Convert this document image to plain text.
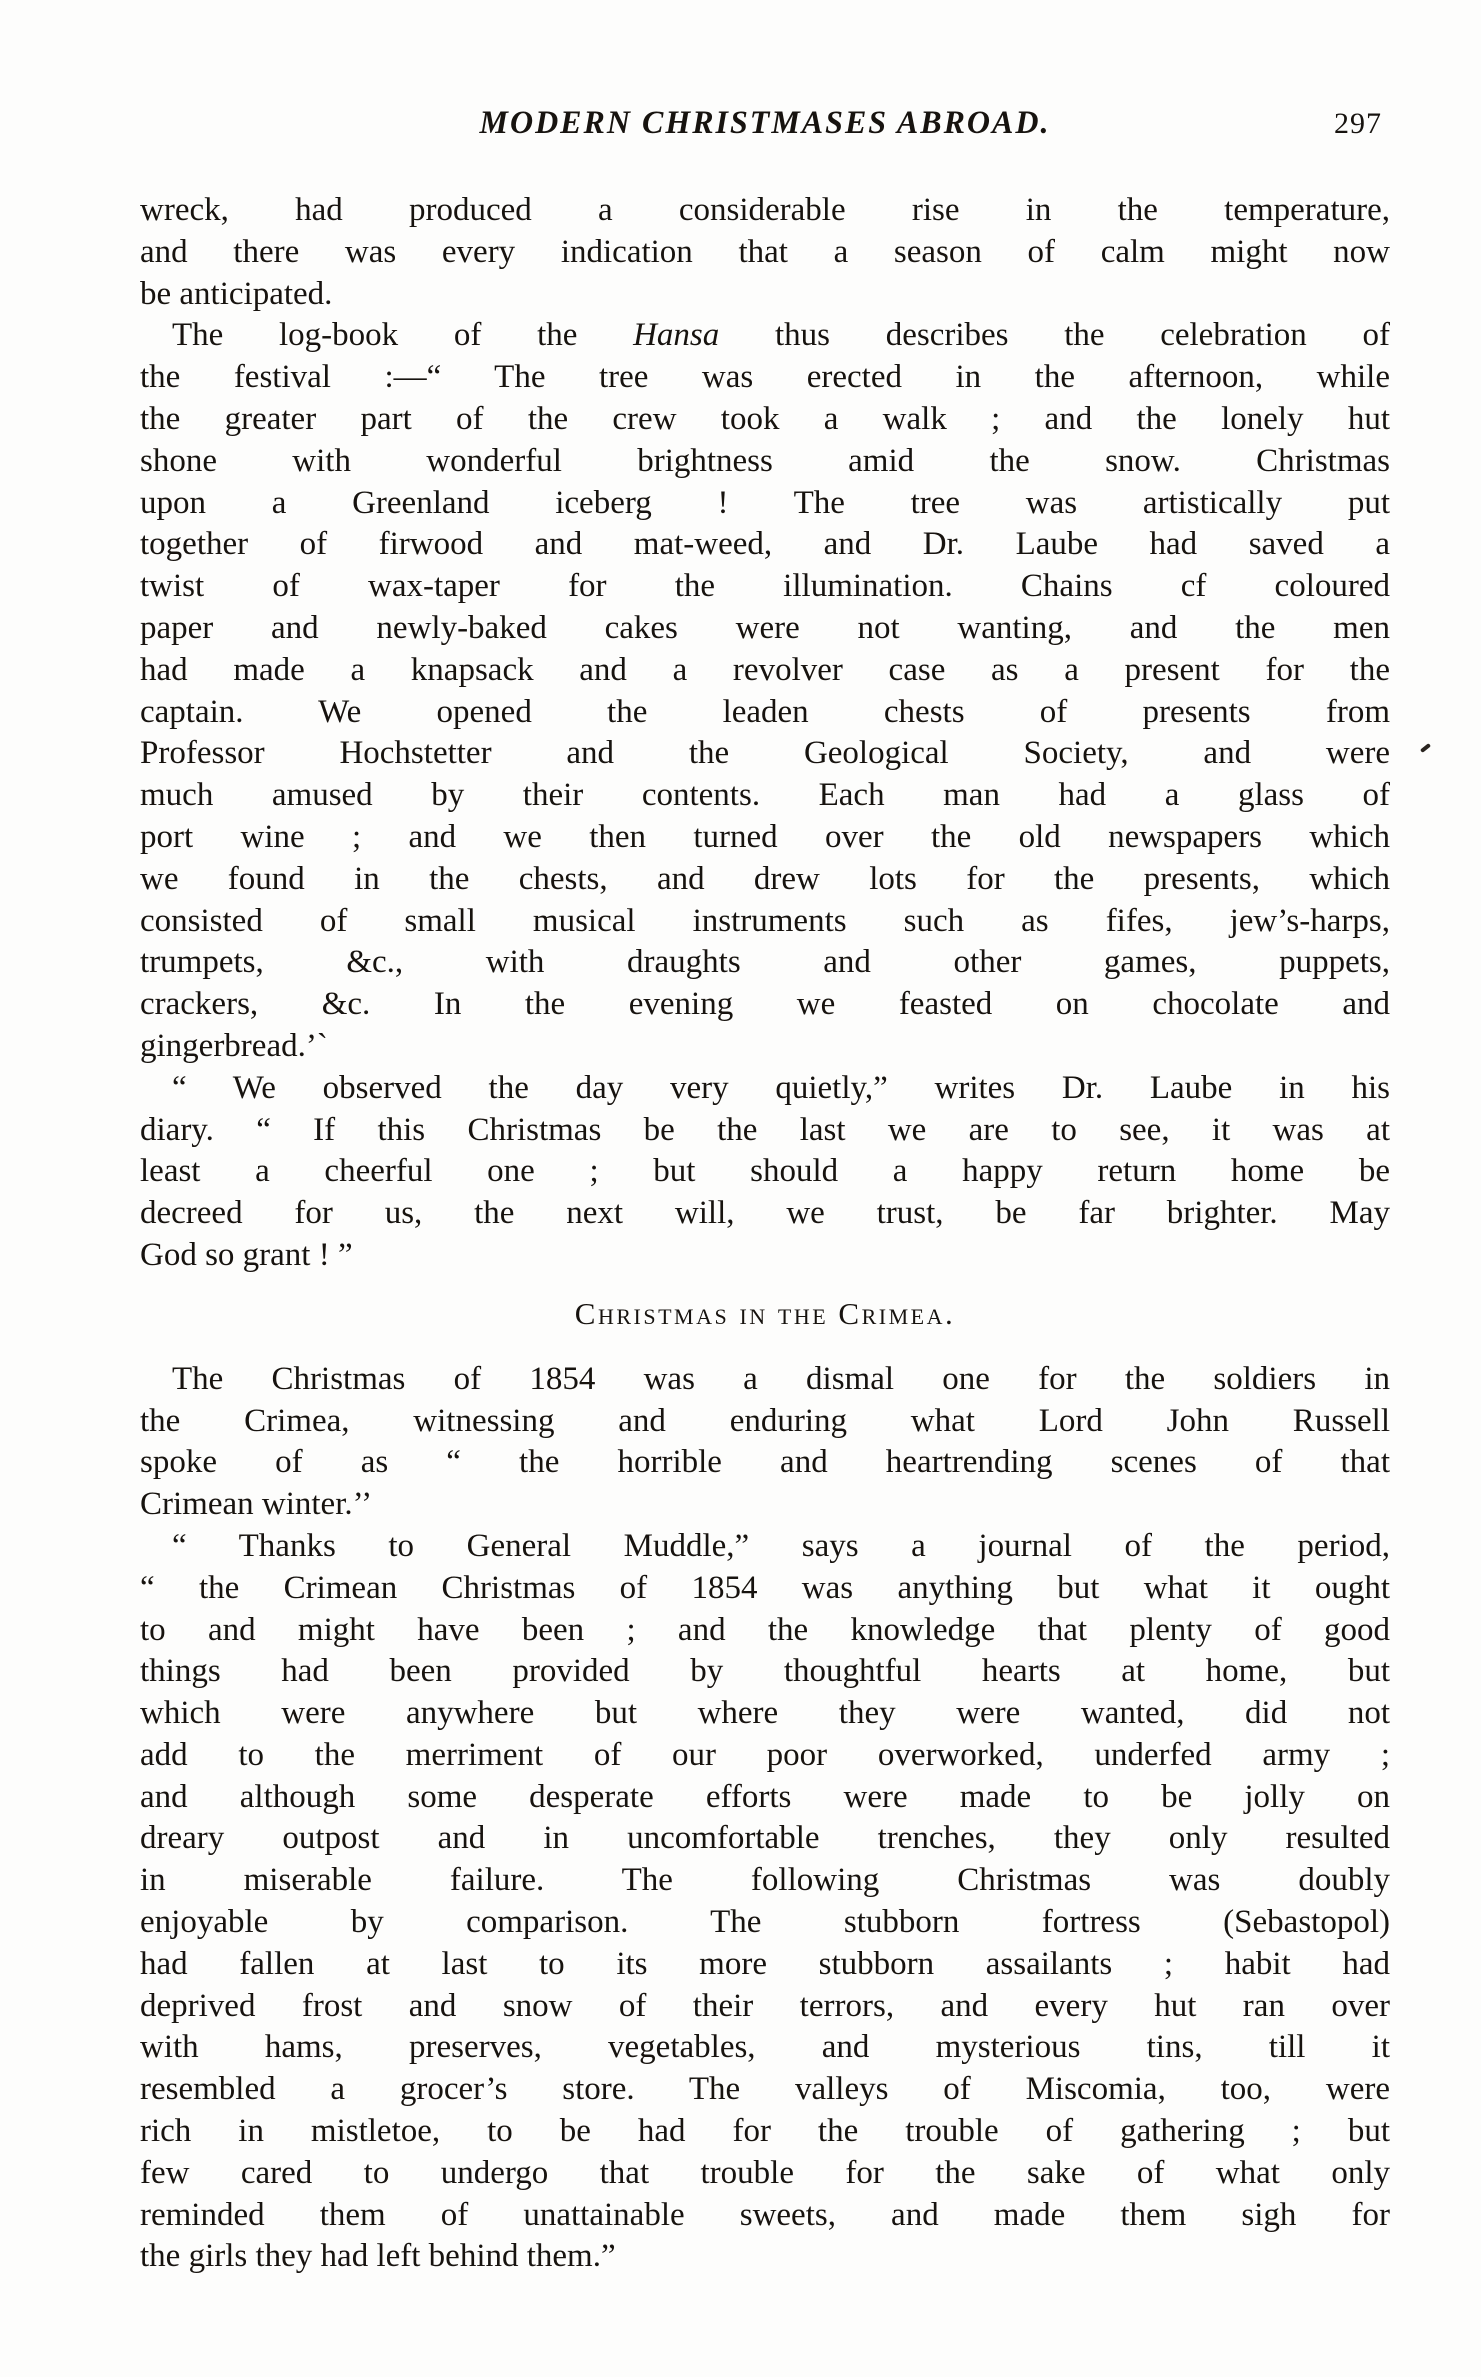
MODERN CHRISTMASES ABROAD.	297
wreck, had produced a considerable rise in the temperature,
and there was every indication that a season of calm might now
be anticipated.
The log-book of the Hansa thus describes the celebration of
the festival :—“ The tree was erected in the afternoon, while
the greater part of the crew took a walk ; and the lonely hut
shone with wonderful brightness amid the snow. Christmas
upon a Greenland iceberg ! The tree was artistically put
together of firwood and mat-weed, and Dr. Laube had saved a
twist of wax-taper for the illumination. Chains cf coloured
paper and newly-baked cakes were not wanting, and the men
had made a knapsack and a revolver case as a present for the
captain. We opened the leaden chests of presents from
Professor Hochstetter and the Geological Society, and were
much amused by their contents. Each man had a glass of
port wine ; and we then turned over the old newspapers which
we found in the chests, and drew lots for the presents, which
consisted of small musical instruments such as fifes, jew’s-harps,
trumpets, &c., with draughts and other games, puppets,
crackers, &c. In the evening we feasted on chocolate and
gingerbread.’ˋ
“ We observed the day very quietly,” writes Dr. Laube in his
diary. “ If this Christmas be the last we are to see, it was at
least a cheerful one ; but should a happy return home be
decreed for us, the next will, we trust, be far brighter. May
God so grant ! ”
Christmas in the Crimea.
The Christmas of 1854 was a dismal one for the soldiers in
the Crimea, witnessing and enduring what Lord John Russell
spoke of as “ the horrible and heartrending scenes of that
Crimean winter.’’
“ Thanks to General Muddle,” says a journal of the period,
“ the Crimean Christmas of 1854 was anything but what it ought
to and might have been ; and the knowledge that plenty of good
things had been provided by thoughtful hearts at home, but
which were anywhere but where they were wanted, did not
add to the merriment of our poor overworked, underfed army ;
and although some desperate efforts were made to be jolly on
dreary outpost and in uncomfortable trenches, they only resulted
in miserable failure. The following Christmas was doubly
enjoyable by comparison. The stubborn fortress (Sebastopol)
had fallen at last to its more stubborn assailants ; habit had
deprived frost and snow of their terrors, and every hut ran over
with hams, preserves, vegetables, and mysterious tins, till it
resembled a grocer’s store. The valleys of Miscomia, too, were
rich in mistletoe, to be had for the trouble of gathering ; but
few cared to undergo that trouble for the sake of what only
reminded them of unattainable sweets, and made them sigh for
the girls they had left behind them.”
